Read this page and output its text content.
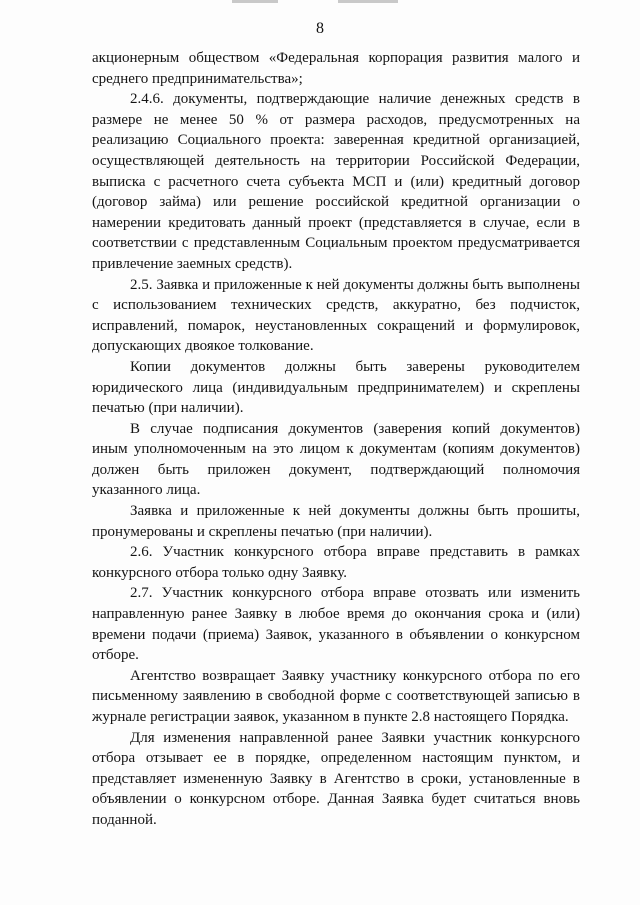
8

акционерным обществом «Федеральная корпорация развития малого и среднего предпринимательства»;

2.4.6. документы, подтверждающие наличие денежных средств в размере не менее 50 % от размера расходов, предусмотренных на реализацию Социального проекта: заверенная кредитной организацией, осуществляющей деятельность на территории Российской Федерации, выписка с расчетного счета субъекта МСП и (или) кредитный договор (договор займа) или решение российской кредитной организации о намерении кредитовать данный проект (представляется в случае, если в соответствии с представленным Социальным проектом предусматривается привлечение заемных средств).

2.5. Заявка и приложенные к ней документы должны быть выполнены с использованием технических средств, аккуратно, без подчисток, исправлений, помарок, неустановленных сокращений и формулировок, допускающих двоякое толкование.

Копии документов должны быть заверены руководителем юридического лица (индивидуальным предпринимателем) и скреплены печатью (при наличии).

В случае подписания документов (заверения копий документов) иным уполномоченным на это лицом к документам (копиям документов) должен быть приложен документ, подтверждающий полномочия указанного лица.

Заявка и приложенные к ней документы должны быть прошиты, пронумерованы и скреплены печатью (при наличии).

2.6. Участник конкурсного отбора вправе представить в рамках конкурсного отбора только одну Заявку.

2.7. Участник конкурсного отбора вправе отозвать или изменить направленную ранее Заявку в любое время до окончания срока и (или) времени подачи (приема) Заявок, указанного в объявлении о конкурсном отборе.

Агентство возвращает Заявку участнику конкурсного отбора по его письменному заявлению в свободной форме с соответствующей записью в журнале регистрации заявок, указанном в пункте 2.8 настоящего Порядка.

Для изменения направленной ранее Заявки участник конкурсного отбора отзывает ее в порядке, определенном настоящим пунктом, и представляет измененную Заявку в Агентство в сроки, установленные в объявлении о конкурсном отборе. Данная Заявка будет считаться вновь поданной.
